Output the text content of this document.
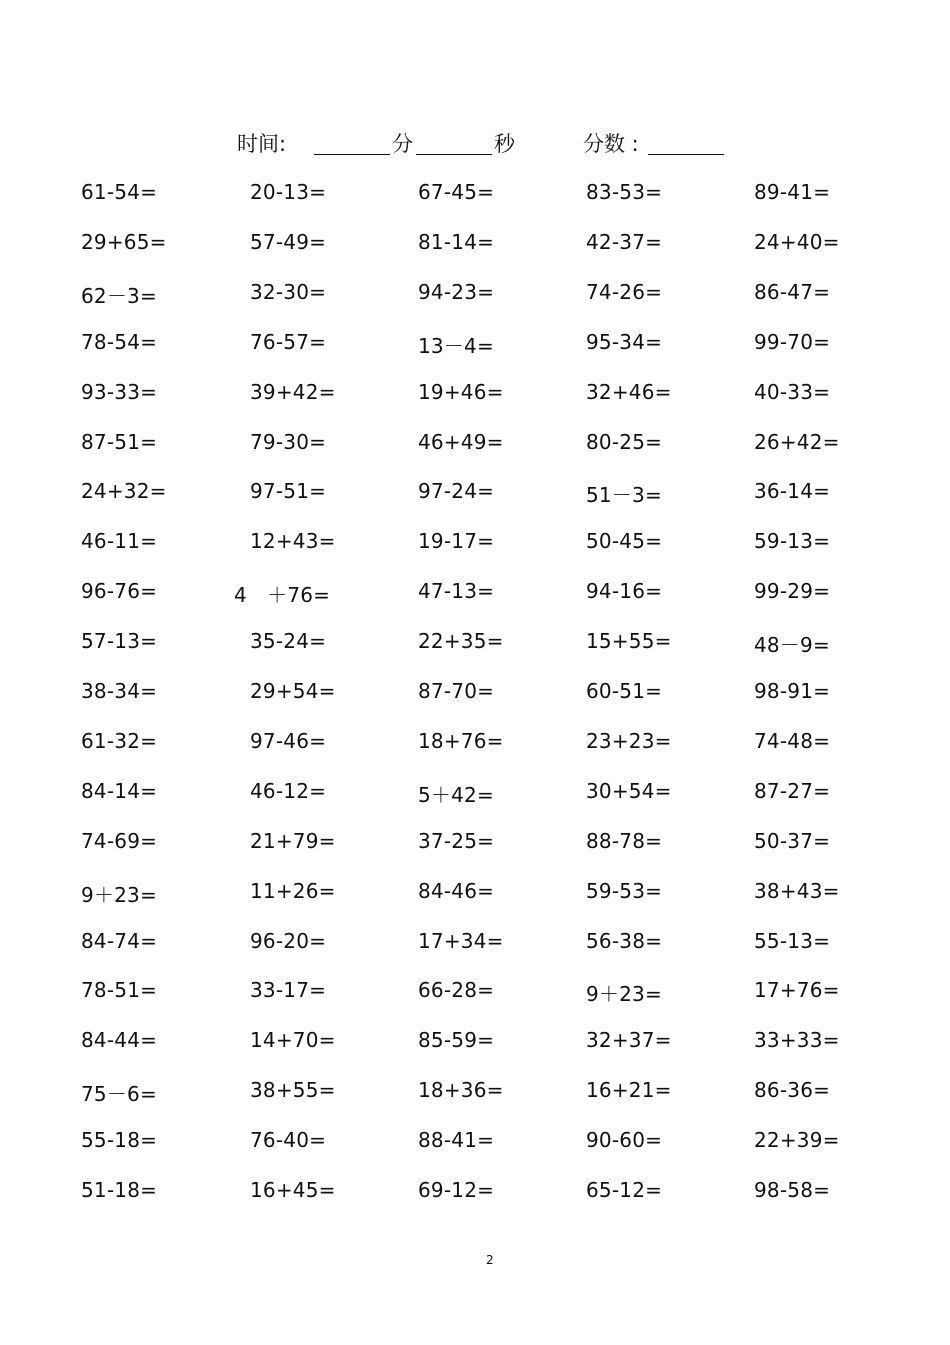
时间:	分	秒	分数 :
61-54=	20-13=	67-45=	83-53=	89-41=
29+65=	57-49=	81-14=	42-37=	24+40=
62－3=	32-30=	94-23=	74-26=	86-47=
78-54=	76-57=	13－4=	95-34=	99-70=
93-33=	39+42=	19+46=	32+46=	40-33=
87-51=	79-30=	46+49=	80-25=	26+42=
24+32=	97-51=	97-24=	51－3=	36-14=
46-11=	12+43=	19-17=	50-45=	59-13=
96-76=	4　＋76=	47-13=	94-16=	99-29=
57-13=	35-24=	22+35=	15+55=	48－9=
38-34=	29+54=	87-70=	60-51=	98-91=
61-32=	97-46=	18+76=	23+23=	74-48=
84-14=	46-12=	5＋42=	30+54=	87-27=
74-69=	21+79=	37-25=	88-78=	50-37=
9＋23=	11+26=	84-46=	59-53=	38+43=
84-74=	96-20=	17+34=	56-38=	55-13=
78-51=	33-17=	66-28=	9＋23=	17+76=
84-44=	14+70=	85-59=	32+37=	33+33=
75－6=	38+55=	18+36=	16+21=	86-36=
55-18=	76-40=	88-41=	90-60=	22+39=
51-18=	16+45=	69-12=	65-12=	98-58=
2
